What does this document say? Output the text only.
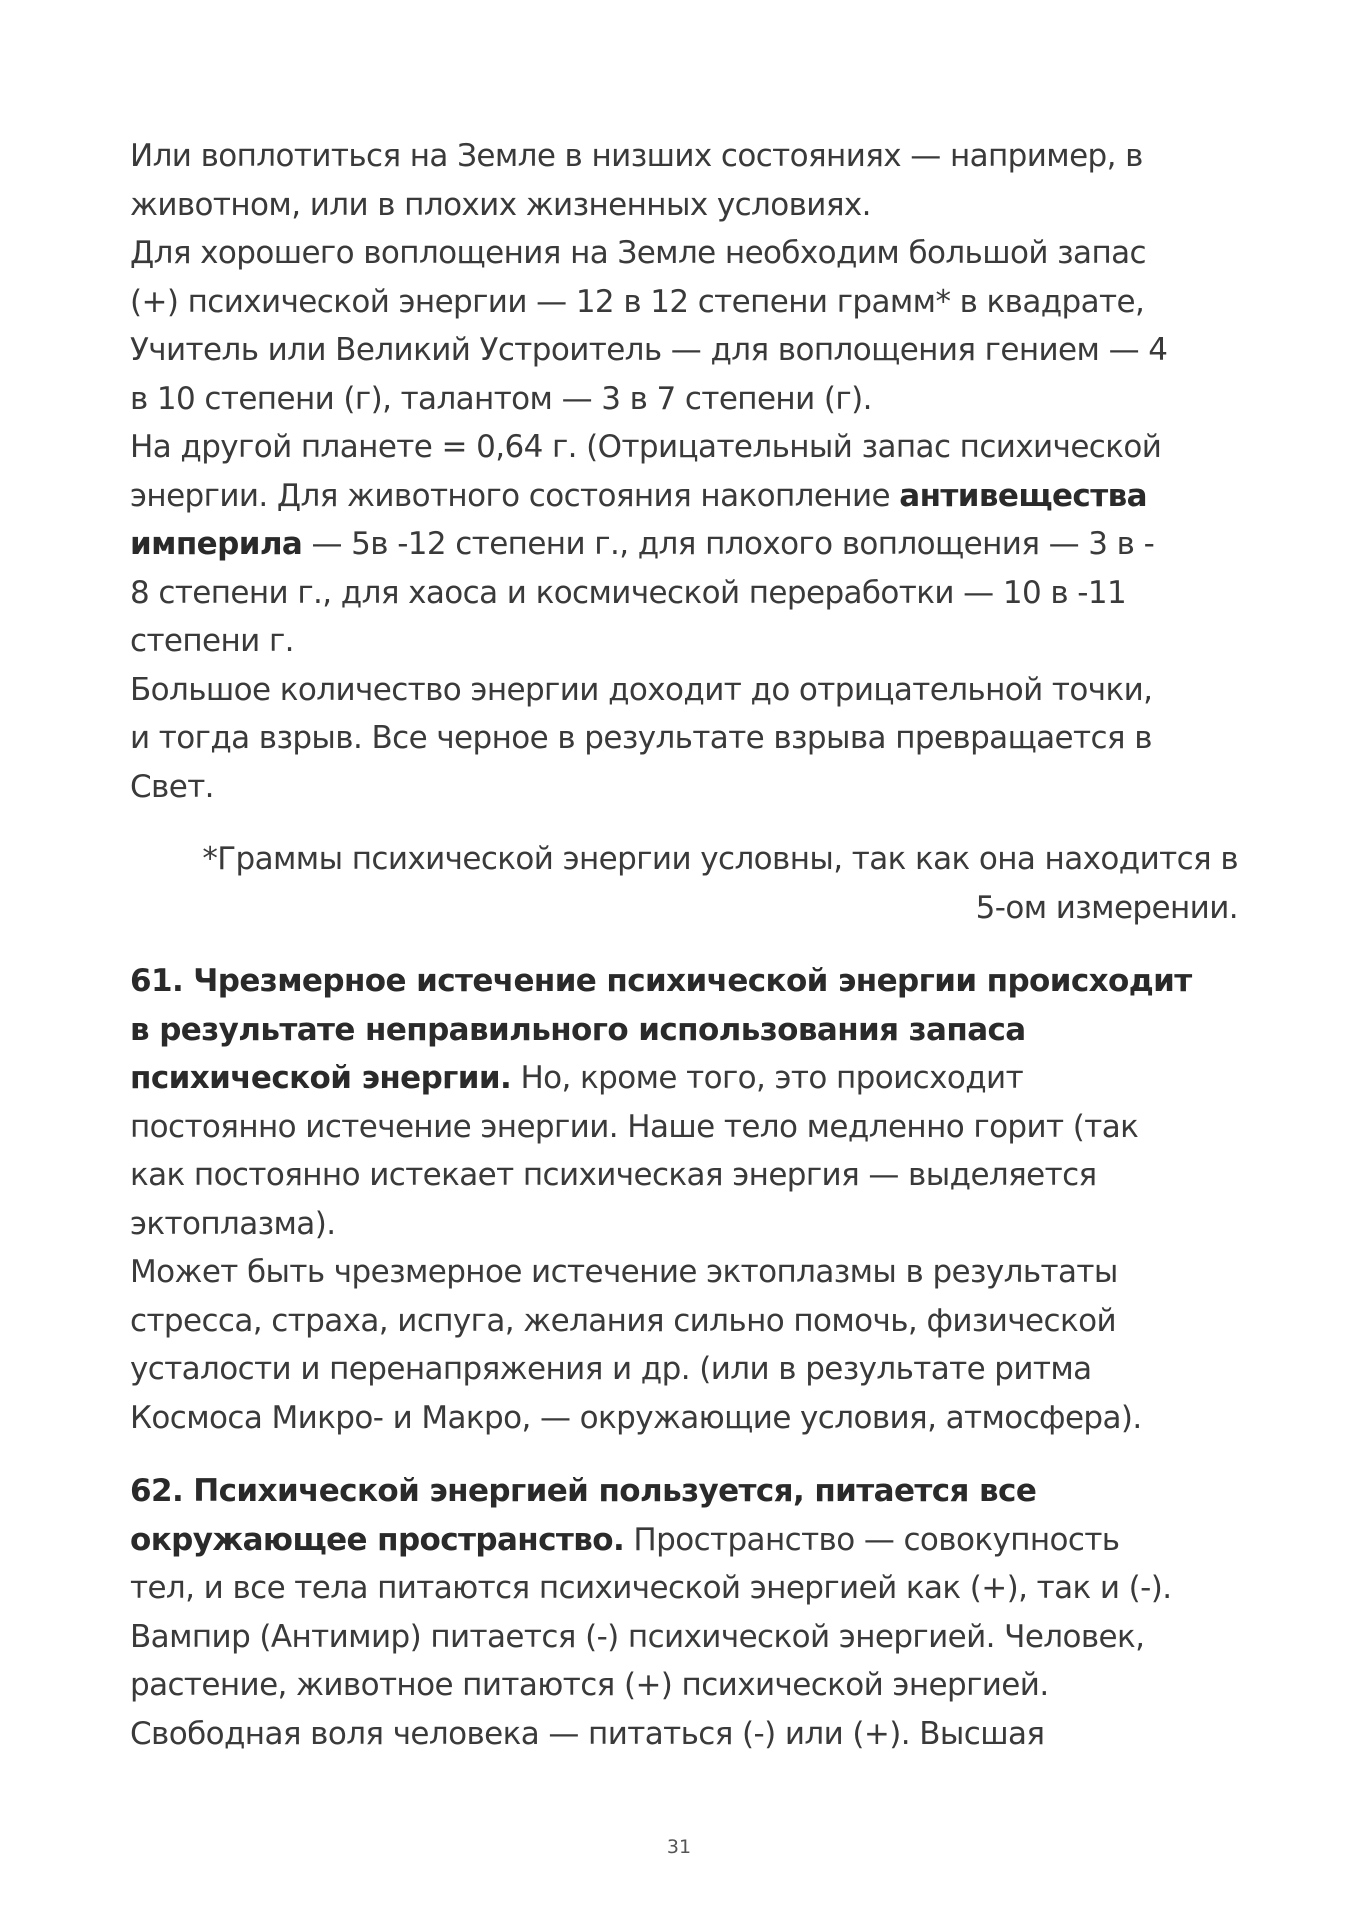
Или воплотиться на Земле в низших состояниях — например, в
животном, или в плохих жизненных условиях.
Для хорошего воплощения на Земле необходим большой запас
(+) психической энергии — 12 в 12 степени грамм* в квадрате,
Учитель или Великий Устроитель — для воплощения гением — 4
в 10 степени (г), талантом — 3 в 7 степени (г).
На другой планете = 0,64 г. (Отрицательный запас психической
энергии. Для животного состояния накопление антивещества
империла — 5в -12 степени г., для плохого воплощения — 3 в -
8 степени г., для хаоса и космической переработки — 10 в -11
степени г.
Большое количество энергии доходит до отрицательной точки,
и тогда взрыв. Все черное в результате взрыва превращается в
Свет.

*Граммы психической энергии условны, так как она находится в
5-ом измерении.

61. Чрезмерное истечение психической энергии происходит
в результате неправильного использования запаса
психической энергии. Но, кроме того, это происходит
постоянно истечение энергии. Наше тело медленно горит (так
как постоянно истекает психическая энергия — выделяется
эктоплазма).
Может быть чрезмерное истечение эктоплазмы в результаты
стресса, страха, испуга, желания сильно помочь, физической
усталости и перенапряжения и др. (или в результате ритма
Космоса Микро- и Макро, — окружающие условия, атмосфера).

62. Психической энергией пользуется, питается все
окружающее пространство. Пространство — совокупность
тел, и все тела питаются психической энергией как (+), так и (-).
Вампир (Антимир) питается (-) психической энергией. Человек,
растение, животное питаются (+) психической энергией.
Свободная воля человека — питаться (-) или (+). Высшая

31
